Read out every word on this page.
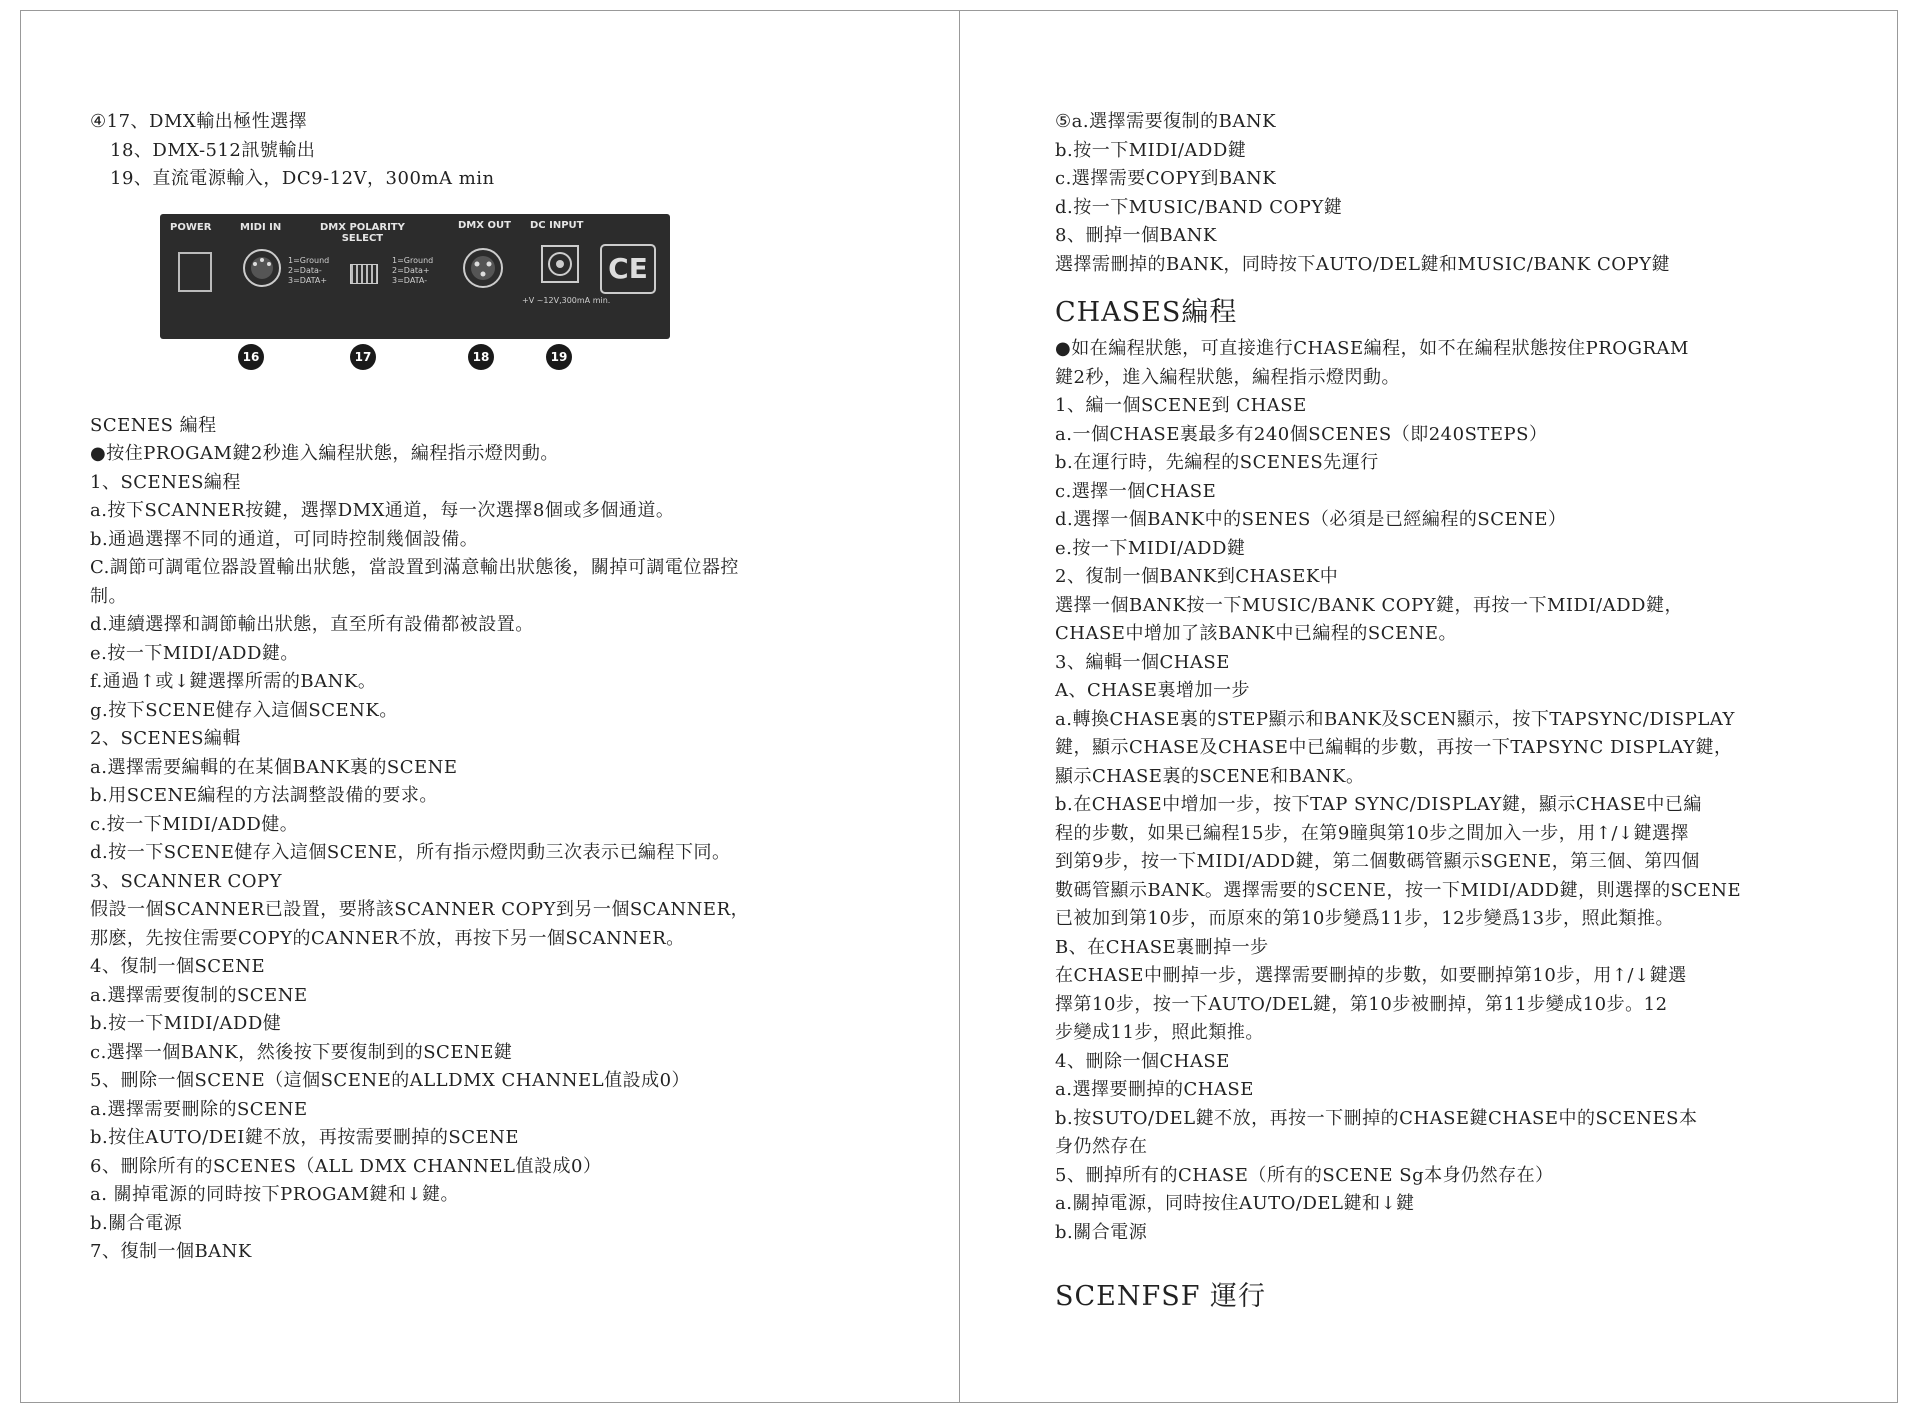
④17、DMX輸出極性選擇
18、DMX-512訊號輸出
19、直流電源輸入，DC9-12V，300mA min
POWER	MIDI IN	DMX POLARITY
SELECT
DMX OUT DC INPUT
1=Ground
2=Data-
3=DATA+
1=Ground
2=Data+
3=DATA-
+V ~12V,300mA min.
CE
16	17	18	19
SCENES 編程
●按住PROGAM鍵2秒進入編程狀態，編程指示燈閃動。
1、SCENES編程
a.按下SCANNER按鍵，選擇DMX通道，每一次選擇8個或多個通道。
b.通過選擇不同的通道，可同時控制幾個設備。
C.調節可調電位器設置輸出狀態，當設置到滿意輸出狀態後，關掉可調電位器控
制。
d.連續選擇和調節輸出狀態，直至所有設備都被設置。
e.按一下MIDI/ADD鍵。
f.通過↑或↓鍵選擇所需的BANK。
g.按下SCENE健存入這個SCENK。
2、SCENES編輯
a.選擇需要編輯的在某個BANK裏的SCENE
b.用SCENE編程的方法調整設備的要求。
c.按一下MIDI/ADD健。
d.按一下SCENE健存入這個SCENE，所有指示燈閃動三次表示已編程下同。
3、SCANNER COPY
假設一個SCANNER已設置，要將該SCANNER COPY到另一個SCANNER，
那麽，先按住需要COPY的CANNER不放，再按下另一個SCANNER。
4、復制一個SCENE
a.選擇需要復制的SCENE
b.按一下MIDI/ADD健
c.選擇一個BANK，然後按下要復制到的SCENE鍵
5、刪除一個SCENE（這個SCENE的ALLDMX CHANNEL值設成0）
a.選擇需要刪除的SCENE
b.按住AUTO/DEI鍵不放，再按需要刪掉的SCENE
6、刪除所有的SCENES（ALL DMX CHANNEL值設成0）
a. 關掉電源的同時按下PROGAM鍵和↓鍵。
b.關合電源
7、復制一個BANK
⑤a.選擇需要復制的BANK
b.按一下MIDI/ADD鍵
c.選擇需要COPY到BANK
d.按一下MUSIC/BAND COPY鍵
8、刪掉一個BANK
選擇需刪掉的BANK，同時按下AUTO/DEL鍵和MUSIC/BANK COPY鍵
CHASES編程
●如在編程狀態，可直接進行CHASE編程，如不在編程狀態按住PROGRAM
鍵2秒，進入編程狀態，編程指示燈閃動。
1、編一個SCENE到 CHASE
a.一個CHASE裏最多有240個SCENES（即240STEPS）
b.在運行時，先編程的SCENES先運行
c.選擇一個CHASE
d.選擇一個BANK中的SENES（必須是已經編程的SCENE）
e.按一下MIDI/ADD鍵
2、復制一個BANK到CHASEK中
選擇一個BANK按一下MUSIC/BANK COPY鍵，再按一下MIDI/ADD鍵，
CHASE中增加了該BANK中已編程的SCENE。
3、編輯一個CHASE
A、CHASE裏增加一步
a.轉換CHASE裏的STEP顯示和BANK及SCEN顯示，按下TAPSYNC/DISPLAY
鍵，顯示CHASE及CHASE中已編輯的步數，再按一下TAPSYNC DISPLAY鍵，
顯示CHASE裏的SCENE和BANK。
b.在CHASE中增加一步，按下TAP SYNC/DISPLAY鍵，顯示CHASE中已編
程的步數，如果已編程15步，在第9瞳與第10步之間加入一步，用↑/↓鍵選擇
到第9步，按一下MIDI/ADD鍵，第二個數碼管顯示SGENE，第三個、第四個
數碼管顯示BANK。選擇需要的SCENE，按一下MIDI/ADD鍵，則選擇的SCENE
已被加到第10步，而原來的第10步變爲11步，12步變爲13步，照此類推。
B、在CHASE裏刪掉一步
在CHASE中刪掉一步，選擇需要刪掉的步數，如要刪掉第10步，用↑/↓鍵選
擇第10步，按一下AUTO/DEL鍵，第10步被刪掉，第11步變成10步。12
步變成11步，照此類推。
4、刪除一個CHASE
a.選擇要刪掉的CHASE
b.按SUTO/DEL鍵不放，再按一下刪掉的CHASE鍵CHASE中的SCENES本
身仍然存在
5、刪掉所有的CHASE（所有的SCENE Sg本身仍然存在）
a.關掉電源，同時按住AUTO/DEL鍵和↓鍵
b.關合電源
SCENFSF 運行
